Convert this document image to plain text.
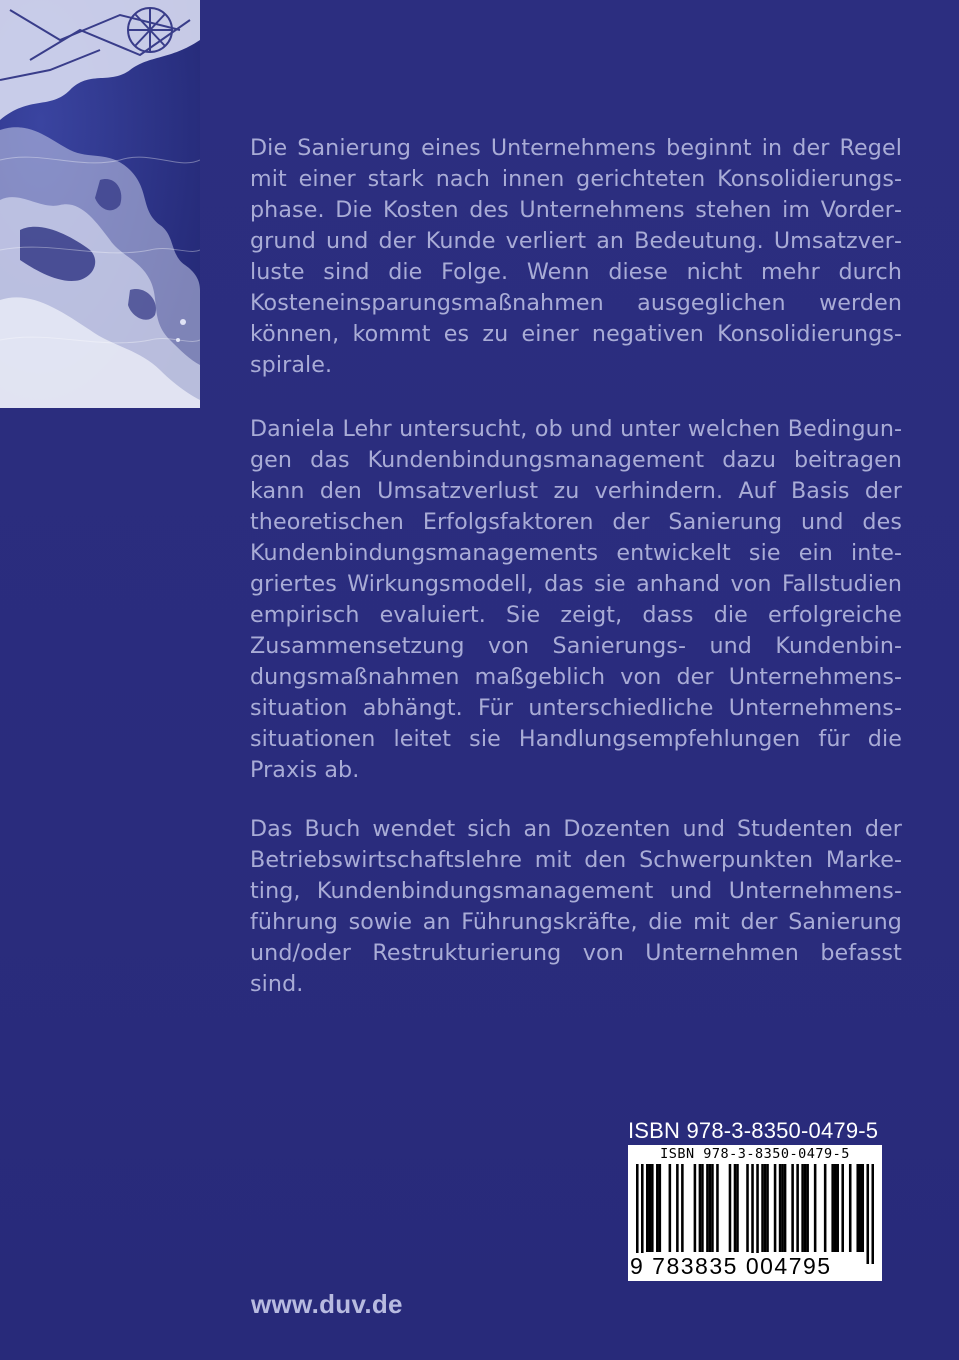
Die Sanierung eines Unternehmens beginnt in der Regel mit einer stark nach innen gerichteten Konsolidierungsphase. Die Kosten des Unternehmens stehen im Vordergrund und der Kunde verliert an Bedeutung. Umsatzverluste sind die Folge. Wenn diese nicht mehr durch Kosteneinsparungsmaßnahmen ausgeglichen werden können, kommt es zu einer negativen Konsolidierungsspirale.

Daniela Lehr untersucht, ob und unter welchen Bedingungen das Kundenbindungsmanagement dazu beitragen kann den Umsatzverlust zu verhindern. Auf Basis der theoretischen Erfolgsfaktoren der Sanierung und des Kundenbindungsmanagements entwickelt sie ein integriertes Wirkungsmodell, das sie anhand von Fallstudien empirisch evaluiert. Sie zeigt, dass die erfolgreiche Zusammensetzung von Sanierungs- und Kundenbindungsmaßnahmen maßgeblich von der Unternehmenssituation abhängt. Für unterschiedliche Unternehmenssituationen leitet sie Handlungsempfehlungen für die Praxis ab.

Das Buch wendet sich an Dozenten und Studenten der Betriebswirtschaftslehre mit den Schwerpunkten Marketing, Kundenbindungsmanagement und Unternehmensführung sowie an Führungskräfte, die mit der Sanierung und/oder Restrukturierung von Unternehmen befasst sind.

ISBN 978-3-8350-0479-5
ISBN 978-3-8350-0479-5
9 783835 004795
www.duv.de
